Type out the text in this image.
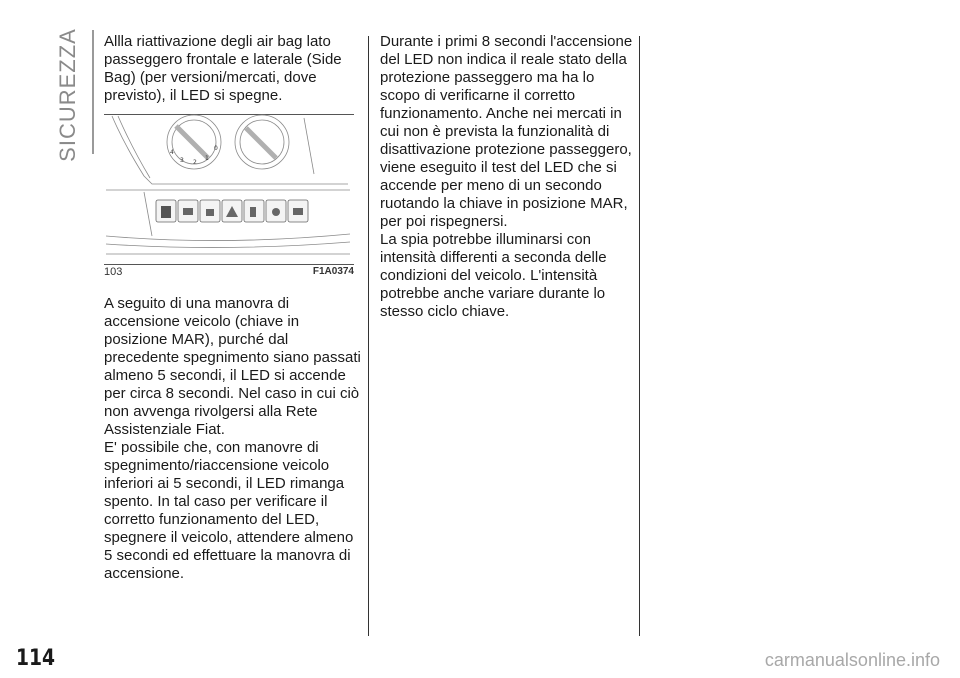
SICUREZZA Allla riattivazione degli air bag lato passeggero frontale e laterale (Side Bag) (per versioni/mercati, dove previsto), il LED si spegne.

4
3 2
1
0
103	F1A0374

A seguito di una manovra di accensione veicolo (chiave in posizione MAR), purché dal precedente spegnimento siano passati almeno 5 secondi, il LED si accende per circa 8 secondi. Nel caso in cui ciò non avvenga rivolgersi alla Rete Assistenziale Fiat.

E' possibile che, con manovre di spegnimento/riaccensione veicolo inferiori ai 5 secondi, il LED rimanga spento. In tal caso per verificare il corretto funzionamento del LED, spegnere il veicolo, attendere almeno 5 secondi ed effettuare la manovra di accensione.

Durante i primi 8 secondi l'accensione del LED non indica il reale stato della protezione passeggero ma ha lo scopo di verificarne il corretto funzionamento. Anche nei mercati in cui non è prevista la funzionalità di disattivazione protezione passeggero, viene eseguito il test del LED che si accende per meno di un secondo ruotando la chiave in posizione MAR, per poi rispegnersi.

La spia potrebbe illuminarsi con intensità differenti a seconda delle condizioni del veicolo. L'intensità potrebbe anche variare durante lo stesso ciclo chiave.

114	carmanualsonline.info
